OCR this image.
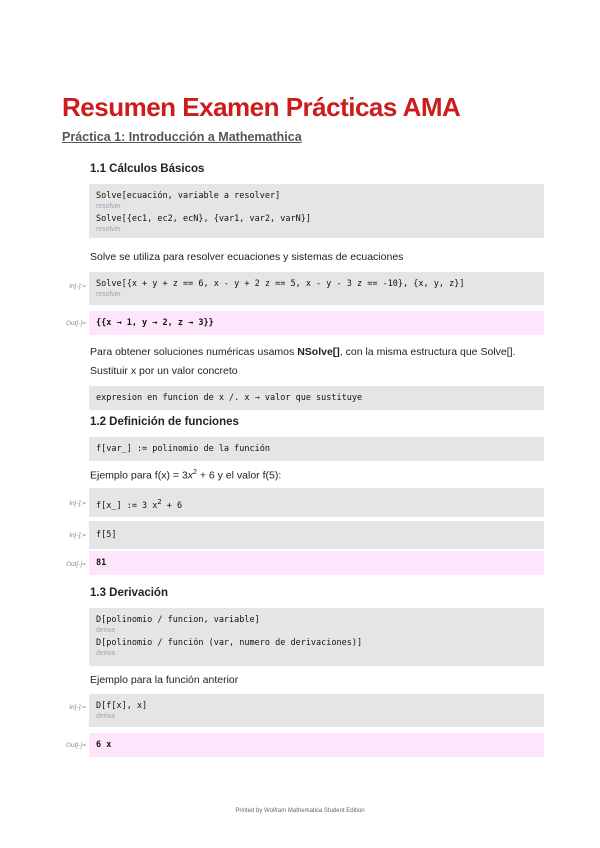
Resumen Examen Prácticas AMA
Práctica 1: Introducción a Mathemathica
1.1 Cálculos Básicos
Solve[ecuación, variable a resolver]
resolver
Solve[{ec1, ec2, ecN}, {var1, var2, varN}]
resolver
Solve se utiliza para resolver ecuaciones y sistemas de ecuaciones
In[-]:= Solve[{x + y + z == 6, x - y + 2 z == 5, x - y - 3 z == -10}, {x, y, z}]
resolver
Out[-]= {{x → 1, y → 2, z → 3}}
Para obtener soluciones numéricas usamos NSolve[], con la misma estructura que Solve[].
Sustituir x por un valor concreto
expresion en funcion de x /. x → valor que sustituye
1.2 Definición de funciones
f[var_] := polinomio de la función
Ejemplo para $f(x) = 3x^2 + 6$ y el valor f(5):
In[-]:= f[x_] := 3 $x^2 + 6$
In[-]:= f[5]
Out[-]= 81
1.3 Derivación
D[polinomio / funcion, variable]
deriva
D[polinomio / función (var, numero de derivaciones)]
deriva
Ejemplo para la función anterior
In[-]:= D[f[x], x]
deriva
Out[-]= 6 x
Printed by Wolfram Mathematica Student Edition
